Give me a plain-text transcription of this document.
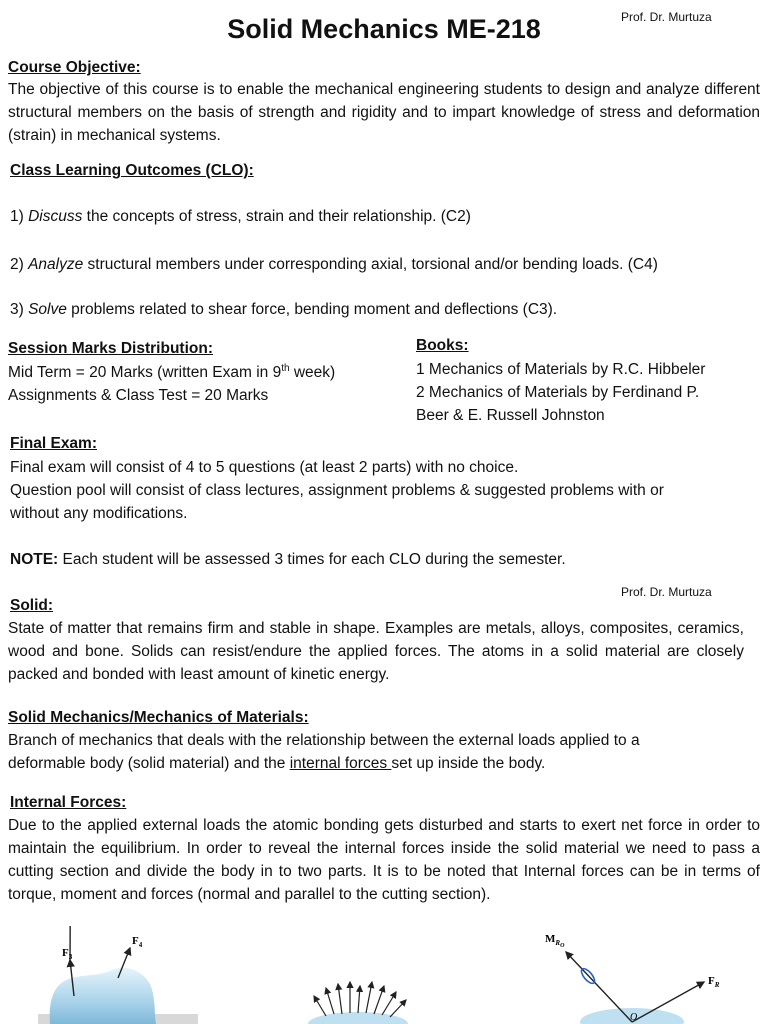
Prof. Dr. Murtuza
Solid Mechanics ME-218
Course Objective:
The objective of this course is to enable the mechanical engineering students to design and analyze different structural members on the basis of strength and rigidity and to impart knowledge of stress and deformation (strain) in mechanical systems.
Class Learning Outcomes (CLO):
1) Discuss the concepts of stress, strain and their relationship. (C2)
2) Analyze structural members under corresponding axial, torsional and/or bending loads. (C4)
3) Solve problems related to shear force, bending moment and deflections (C3).
Session Marks Distribution:
Mid Term = 20 Marks (written Exam in 9th week)
Assignments & Class Test = 20 Marks
Books:
1 Mechanics of Materials by R.C. Hibbeler
2 Mechanics of Materials by Ferdinand P.
Beer & E. Russell Johnston
Final Exam:
Final exam will consist of 4 to 5 questions (at least 2 parts) with no choice.
Question pool will consist of class lectures, assignment problems & suggested problems with or
without any modifications.
NOTE: Each student will be assessed 3 times for each CLO during the semester.
Prof. Dr. Murtuza
Solid:
State of matter that remains firm and stable in shape. Examples are metals, alloys, composites, ceramics, wood and bone. Solids can resist/endure the applied forces. The atoms in a solid material are closely packed and bonded with least amount of kinetic energy.
Solid Mechanics/Mechanics of Materials:
Branch of mechanics that deals with the relationship between the external loads applied to a
deformable body (solid material) and the internal forces set up inside the body.
Internal Forces:
Due to the applied external loads the atomic bonding gets disturbed and starts to exert net force in order to maintain the equilibrium. In order to reveal the internal forces inside the solid material we need to pass a cutting section and divide the body in to two parts. It is to be noted that Internal forces can be in terms of torque, moment and forces (normal and parallel to the cutting section).
$F_3$
$F_4$	$M_RO$
$F_R$
O
